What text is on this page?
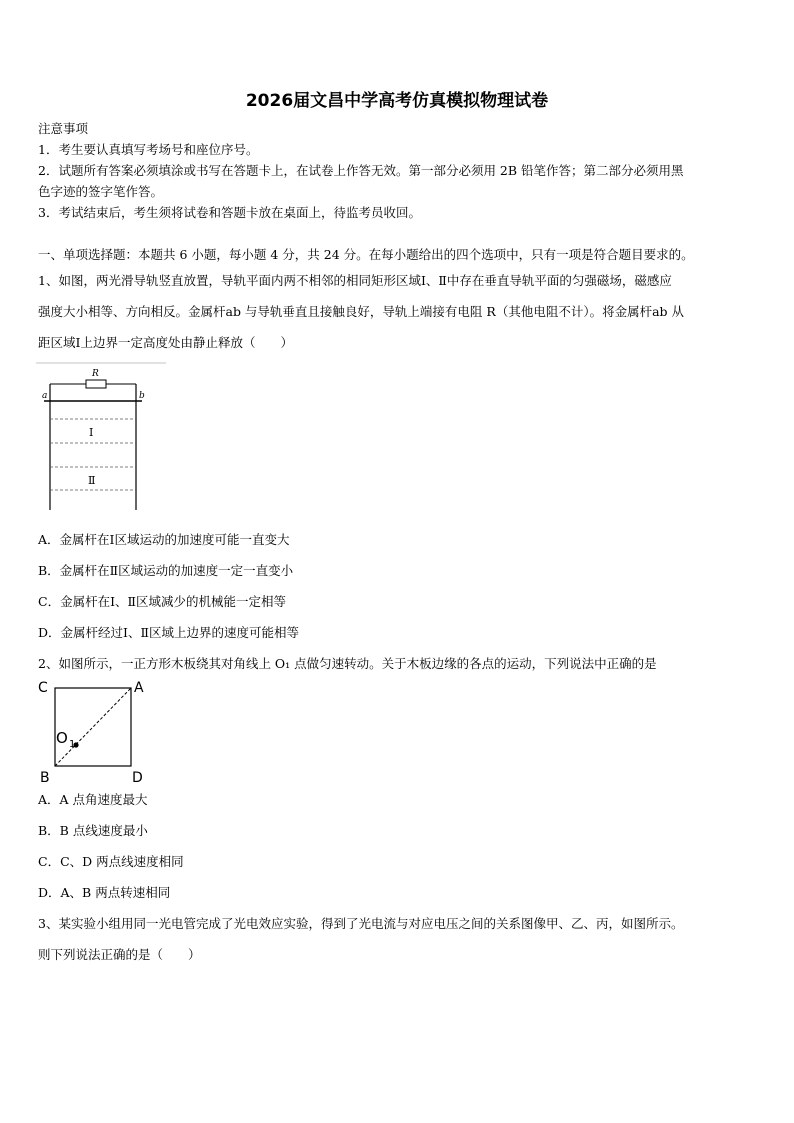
2026届文昌中学高考仿真模拟物理试卷
注意事项
1．考生要认真填写考场号和座位序号。
2．试题所有答案必须填涂或书写在答题卡上，在试卷上作答无效。第一部分必须用 2B 铅笔作答；第二部分必须用黑
色字迹的签字笔作答。
3．考试结束后，考生须将试卷和答题卡放在桌面上，待监考员收回。
一、单项选择题：本题共 6 小题，每小题 4 分，共 24 分。在每小题给出的四个选项中，只有一项是符合题目要求的。
1、如图，两光滑导轨竖直放置，导轨平面内两不相邻的相同矩形区域Ⅰ、Ⅱ中存在垂直导轨平面的匀强磁场，磁感应
强度大小相等、方向相反。金属杆ab 与导轨垂直且接触良好，导轨上端接有电阻 R（其他电阻不计）。将金属杆ab 从
距区域Ⅰ上边界一定高度处由静止释放（　　）
R
a	b
Ⅰ
Ⅱ
A．金属杆在Ⅰ区域运动的加速度可能一直变大
B．金属杆在Ⅱ区域运动的加速度一定一直变小
C．金属杆在Ⅰ、Ⅱ区域减少的机械能一定相等
D．金属杆经过Ⅰ、Ⅱ区域上边界的速度可能相等
2、如图所示，一正方形木板绕其对角线上 O₁ 点做匀速转动。关于木板边缘的各点的运动，下列说法中正确的是
C	A
B	D
O 1
A．A 点角速度最大
B．B 点线速度最小
C．C、D 两点线速度相同
D．A、B 两点转速相同
3、某实验小组用同一光电管完成了光电效应实验，得到了光电流与对应电压之间的关系图像甲、乙、丙，如图所示。
则下列说法正确的是（　　）
